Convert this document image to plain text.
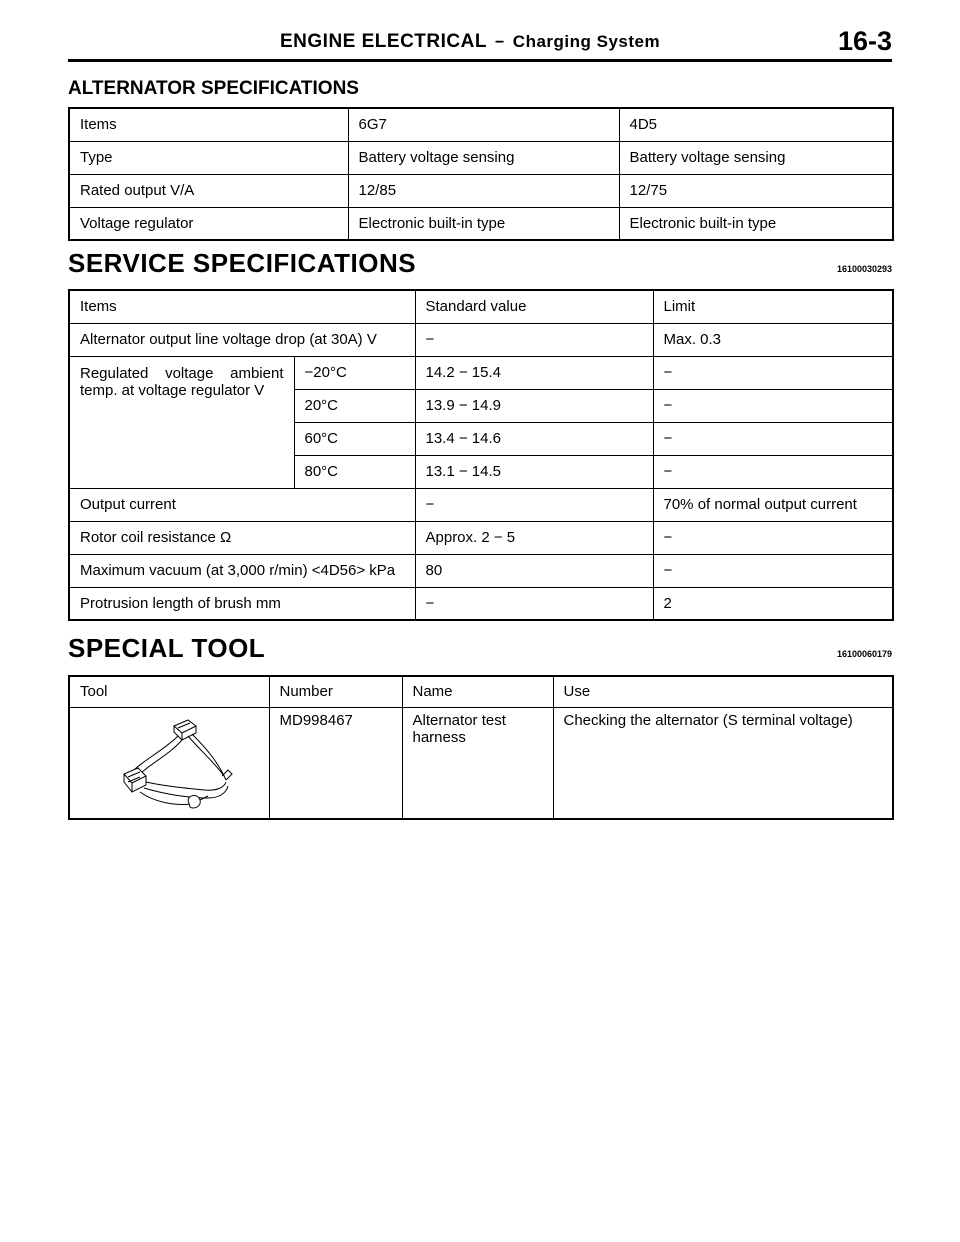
ENGINE ELECTRICAL − Charging System	16-3
ALTERNATOR SPECIFICATIONS
Items	6G7	4D5
Type	Battery voltage sensing	Battery voltage sensing
Rated output V/A	12/85	12/75
Voltage regulator	Electronic built-in type	Electronic built-in type
SERVICE SPECIFICATIONS	16100030293
Items		Standard value	Limit
Alternator output line voltage drop (at 30A) V		−	Max. 0.3
Regulated voltage ambient temp. at voltage regulator V	−20°C	14.2 − 15.4	−
	20°C	13.9 − 14.9	−
	60°C	13.4 − 14.6	−
	80°C	13.1 − 14.5	−
Output current		−	70% of normal output current
Rotor coil resistance Ω		Approx. 2 − 5	−
Maximum vacuum (at 3,000 r/min) <4D56> kPa		80	−
Protrusion length of brush mm		−	2
SPECIAL TOOL	16100060179
Tool	Number	Name	Use

	MD998467	Alternator test harness	Checking the alternator (S terminal voltage)
